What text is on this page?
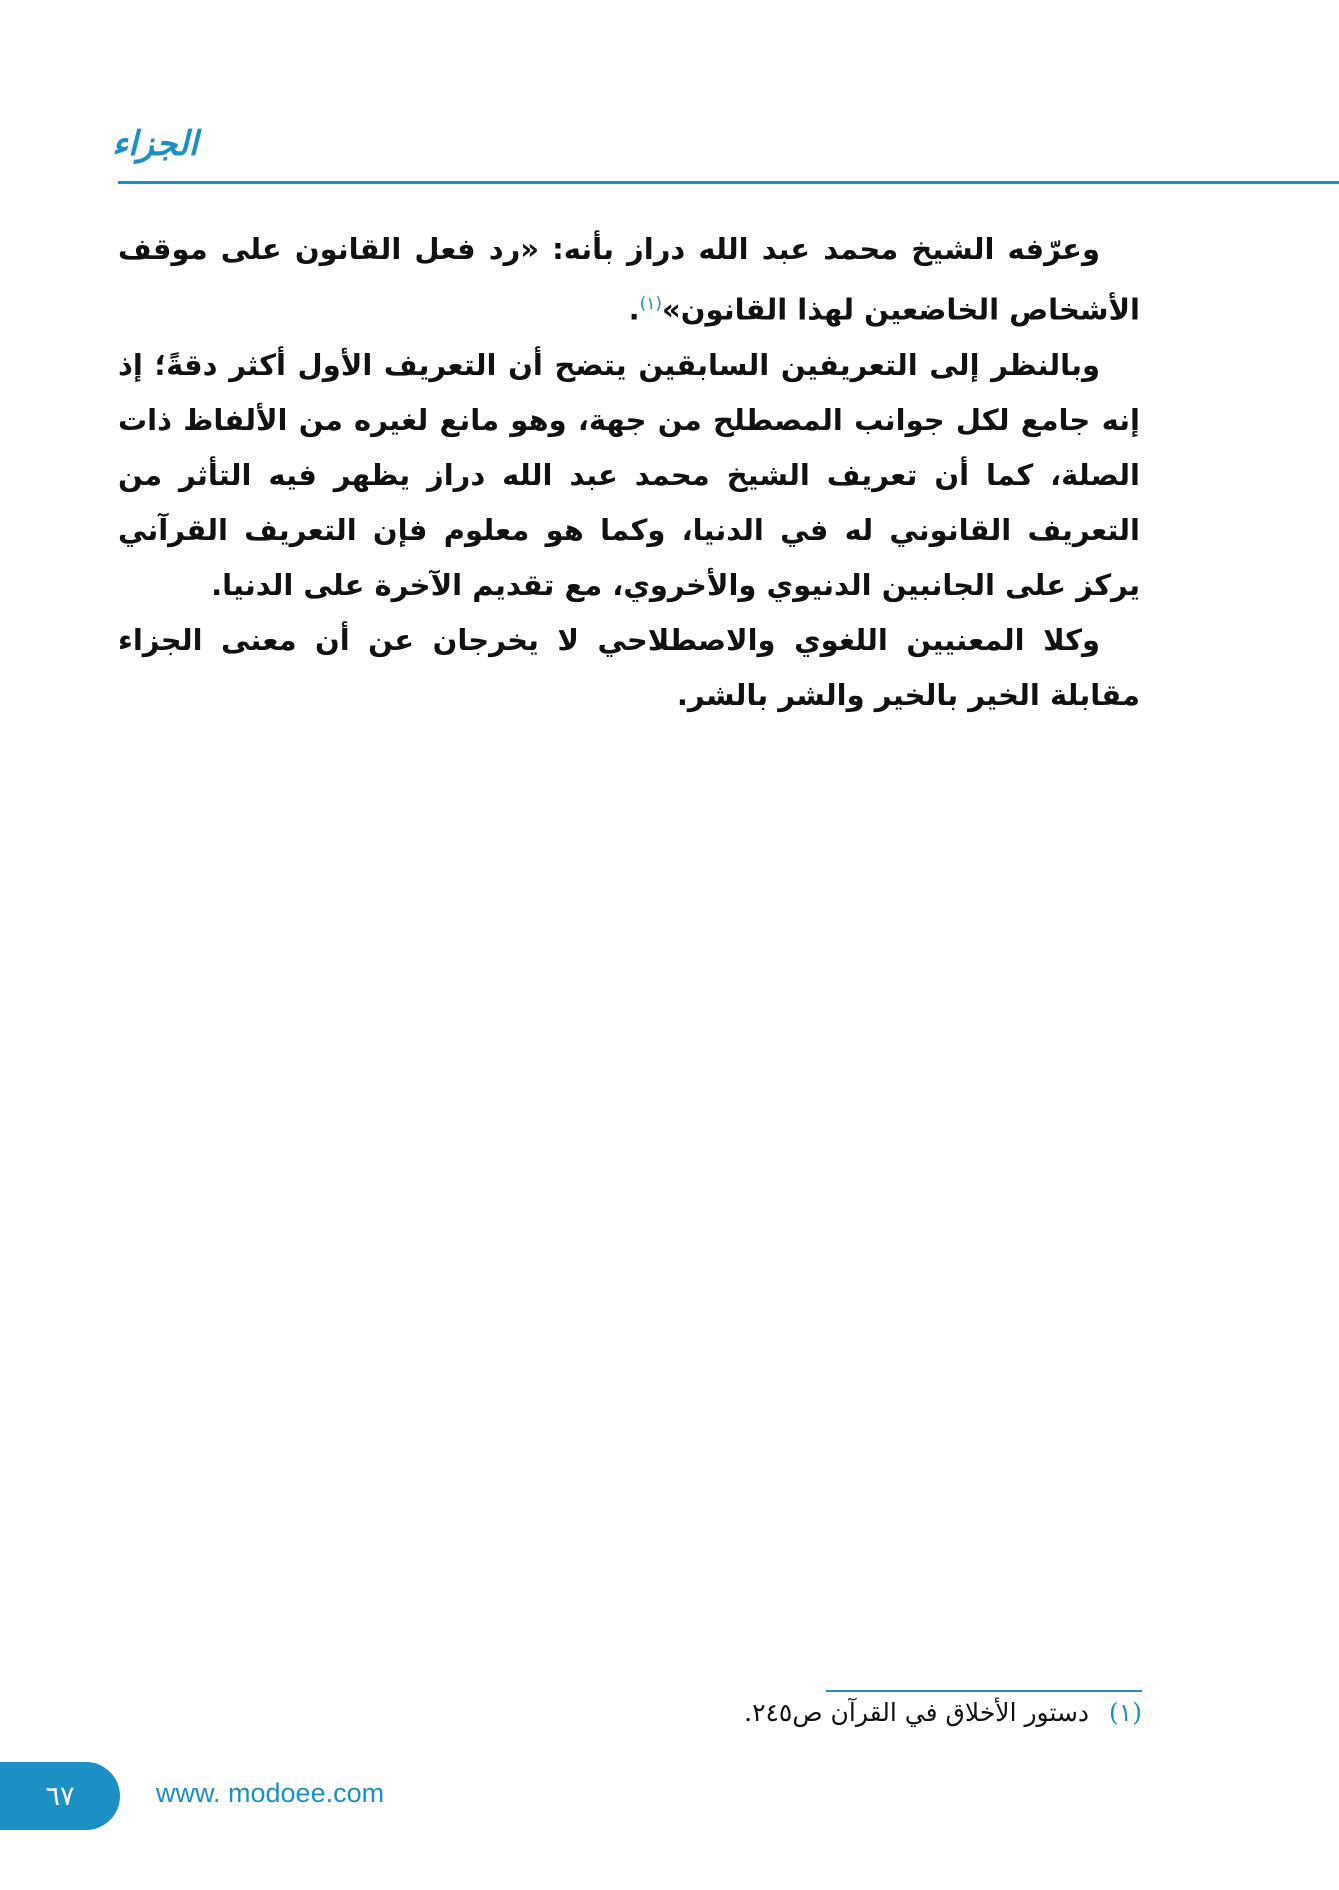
الجزاء

وعرّفه الشيخ محمد عبد الله دراز بأنه: «رد فعل القانون على موقف الأشخاص الخاضعين لهذا القانون»$^{(١)}$.

وبالنظر إلى التعريفين السابقين يتضح أن التعريف الأول أكثر دقةً؛ إذ إنه جامع لكل جوانب المصطلح من جهة، وهو مانع لغيره من الألفاظ ذات الصلة، كما أن تعريف الشيخ محمد عبد الله دراز يظهر فيه التأثر من التعريف القانوني له في الدنيا، وكما هو معلوم فإن التعريف القرآني يركز على الجانبين الدنيوي والأخروي، مع تقديم الآخرة على الدنيا.

وكلا المعنيين اللغوي والاصطلاحي لا يخرجان عن أن معنى الجزاء مقابلة الخير بالخير والشر بالشر.

(١) دستور الأخلاق في القرآن ص٢٤٥.
٦٧	www. modoee.com
